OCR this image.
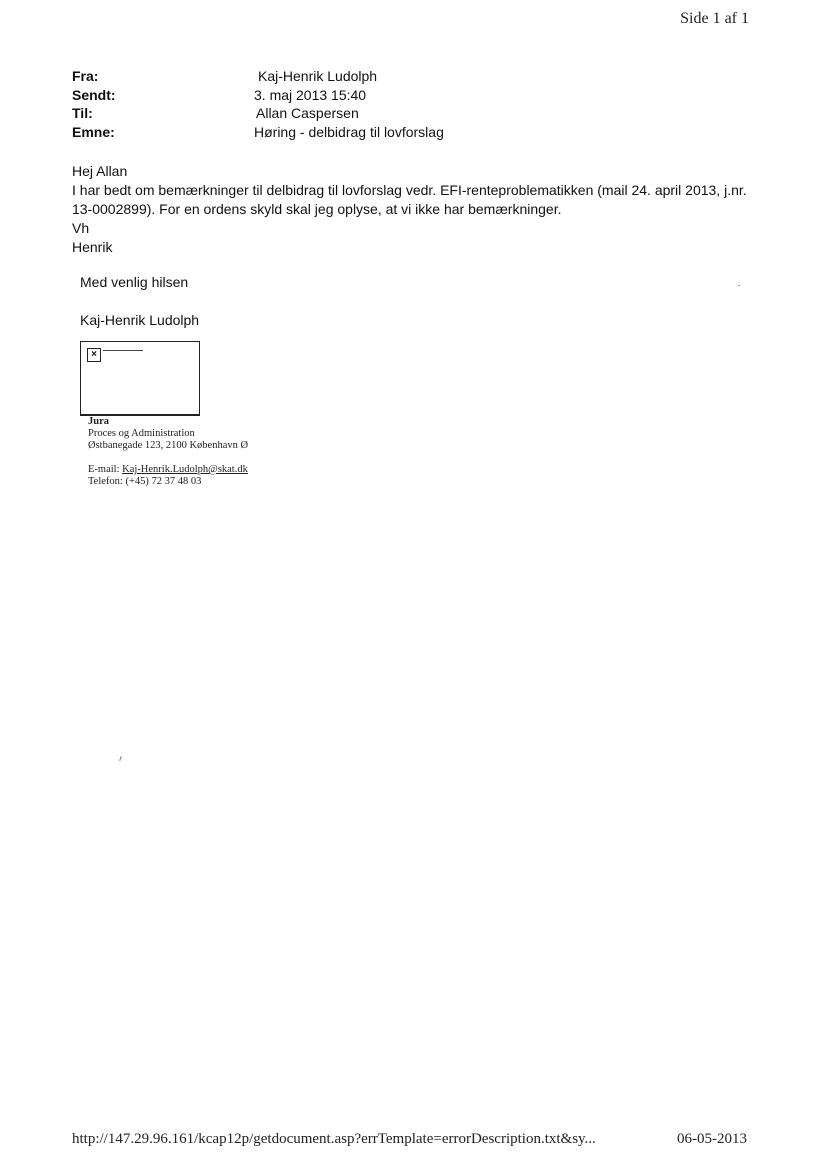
Side 1 af 1
Fra:	Kaj-Henrik Ludolph
Sendt:	3. maj 2013 15:40
Til:	Allan Caspersen
Emne:	Høring - delbidrag til lovforslag

Hej Allan

I har bedt om bemærkninger til delbidrag til lovforslag vedr. EFI-renteproblematikken (mail 24. april 2013, j.nr. 13-0002899). For en ordens skyld skal jeg oplyse, at vi ikke har bemærkninger.

Vh

Henrik

Med venlig hilsen
Kaj-Henrik Ludolph
×
Jura
Proces og Administration
Østbanegade 123, 2100 København Ø
E-mail: Kaj-Henrik.Ludolph@skat.dk
Telefon: (+45) 72 37 48 03
http://147.29.96.161/kcap12p/getdocument.asp?errTemplate=errorDescription.txt&sy...	06-05-2013
